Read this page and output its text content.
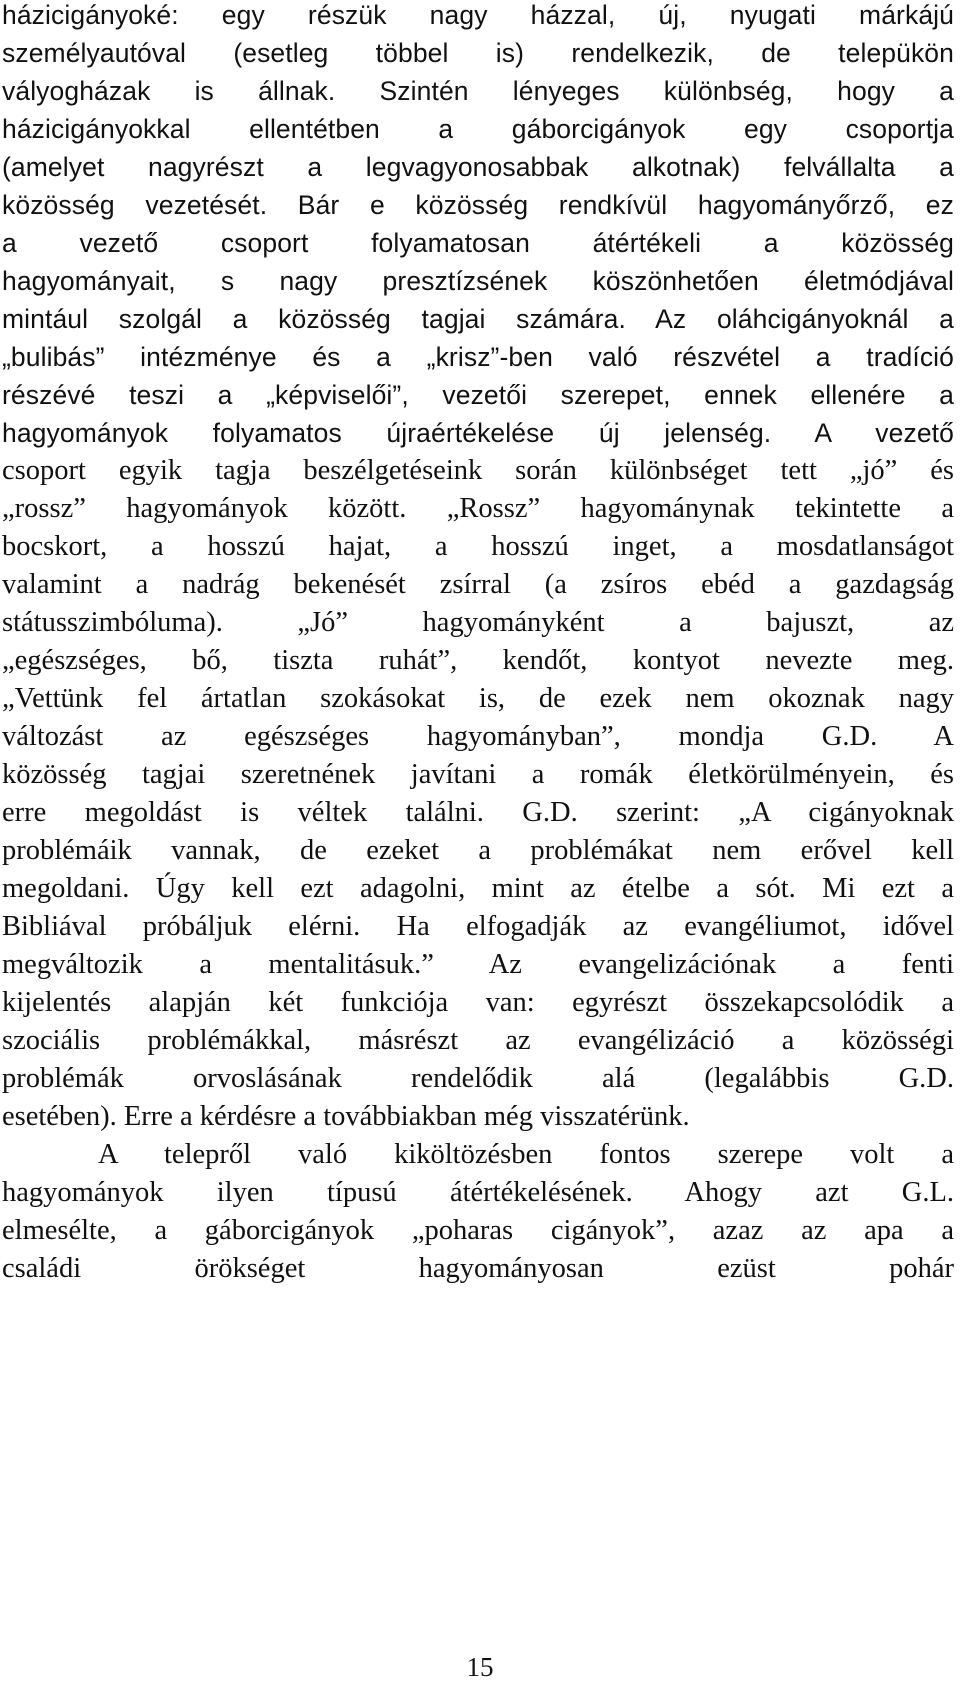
házicigányoké: egy részük nagy házzal, új, nyugati márkájú
személyautóval (esetleg többel is) rendelkezik, de telepükön
vályogházak is állnak. Szintén lényeges különbség, hogy a
házicigányokkal ellentétben a gáborcigányok egy csoportja
(amelyet nagyrészt a legvagyonosabbak alkotnak) felvállalta a
közösség vezetését. Bár e közösség rendkívül hagyományőrző, ez
a vezető csoport folyamatosan átértékeli a közösség
hagyományait, s nagy presztízsének köszönhetően életmódjával
mintául szolgál a közösség tagjai számára. Az oláhcigányoknál a
„bulibás” intézménye és a „krisz”-ben való részvétel a tradíció
részévé teszi a „képviselői”, vezetői szerepet, ennek ellenére a
hagyományok folyamatos újraértékelése új jelenség. A vezető
csoport egyik tagja beszélgetéseink során különbséget tett „jó” és
„rossz” hagyományok között. „Rossz” hagyománynak tekintette a
bocskort, a hosszú hajat, a hosszú inget, a mosdatlanságot
valamint a nadrág bekenését zsírral (a zsíros ebéd a gazdagság
státusszimbóluma). „Jó” hagyományként a bajuszt, az
„egészséges, bő, tiszta ruhát”, kendőt, kontyot nevezte meg.
„Vettünk fel ártatlan szokásokat is, de ezek nem okoznak nagy
változást az egészséges hagyományban”, mondja G.D. A
közösség tagjai szeretnének javítani a romák életkörülményein, és
erre megoldást is véltek találni. G.D. szerint: „A cigányoknak
problémáik vannak, de ezeket a problémákat nem erővel kell
megoldani. Úgy kell ezt adagolni, mint az ételbe a sót. Mi ezt a
Bibliával próbáljuk elérni. Ha elfogadják az evangéliumot, idővel
megváltozik a mentalitásuk.” Az evangelizációnak a fenti
kijelentés alapján két funkciója van: egyrészt összekapcsolódik a
szociális problémákkal, másrészt az evangélizáció a közösségi
problémák orvoslásának rendelődik alá (legalábbis G.D.
esetében). Erre a kérdésre a továbbiakban még visszatérünk.
A telepről való kiköltözésben fontos szerepe volt a
hagyományok ilyen típusú átértékelésének. Ahogy azt G.L.
elmesélte, a gáborcigányok „poharas cigányok”, azaz az apa a
családi örökséget hagyományosan ezüst pohár
15
